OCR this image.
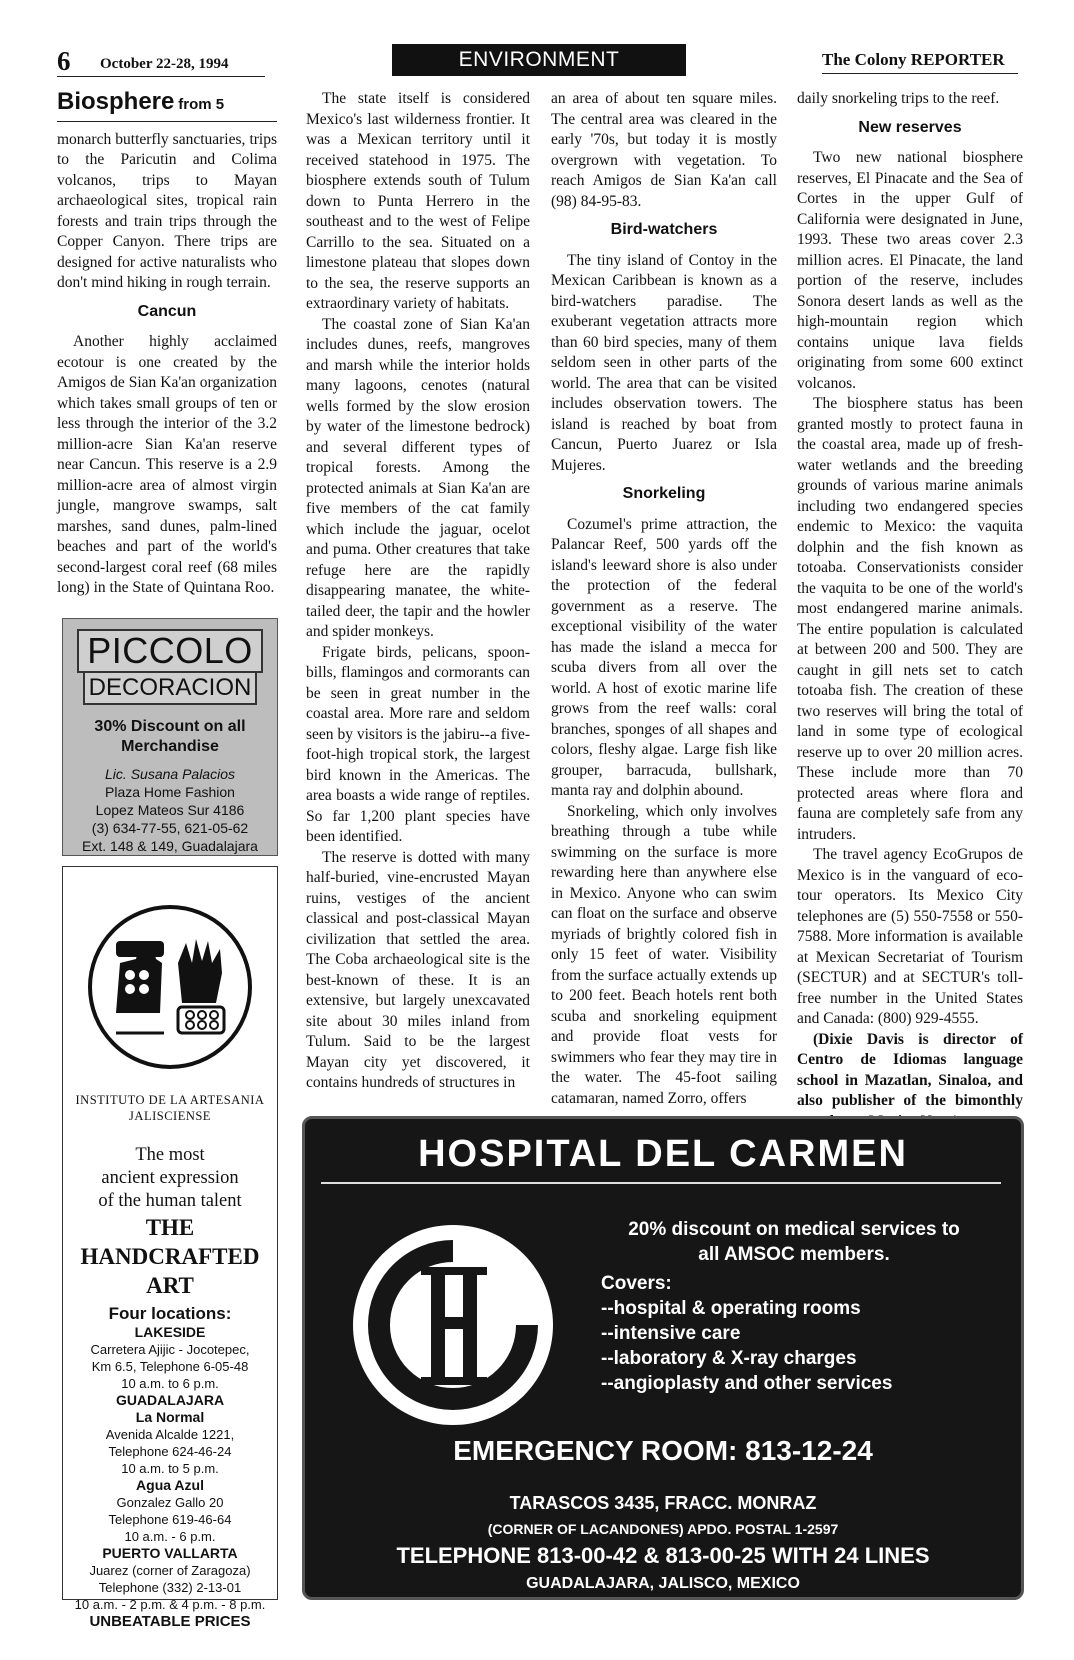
6 October 22-28, 1994	ENVIRONMENT	The Colony REPORTER
Biosphere from 5

monarch butterfly sanctuaries, trips to the Paricutin and Colima volcanos, trips to Mayan archaeological sites, tropical rain forests and train trips through the Copper Canyon. There trips are designed for active naturalists who don't mind hiking in rough terrain.

Cancun

Another highly acclaimed ecotour is one created by the Amigos de Sian Ka'an organization which takes small groups of ten or less through the interior of the 3.2 million-acre Sian Ka'an reserve near Cancun. This reserve is a 2.9 million-acre area of almost virgin jungle, mangrove swamps, salt marshes, sand dunes, palm-lined beaches and part of the world's second-largest coral reef (68 miles long) in the State of Quintana Roo.

PICCOLO
DECORACION
30% Discount on all Merchandise
Lic. Susana Palacios
Plaza Home Fashion
Lopez Mateos Sur 4186
(3) 634-77-55, 621-05-62
Ext. 148 & 149, Guadalajara
INSTITUTO DE LA ARTESANIA JALISCIENSE
The most
ancient expression
of the human talent
THE
HANDCRAFTED
ART
Four locations:
LAKESIDE
Carretera Ajijic - Jocotepec,
Km 6.5, Telephone 6-05-48
10 a.m. to 6 p.m.
GUADALAJARA
La Normal
Avenida Alcalde 1221,
Telephone 624-46-24
10 a.m. to 5 p.m.
Agua Azul
Gonzalez Gallo 20
Telephone 619-46-64
10 a.m. - 6 p.m.
PUERTO VALLARTA
Juarez (corner of Zaragoza)
Telephone (332) 2-13-01
10 a.m. - 2 p.m. & 4 p.m. - 8 p.m.
UNBEATABLE PRICES

The state itself is considered Mexico's last wilderness frontier. It was a Mexican territory until it received statehood in 1975. The biosphere extends south of Tulum down to Punta Herrero in the southeast and to the west of Felipe Carrillo to the sea. Situated on a limestone plateau that slopes down to the sea, the reserve supports an extraordinary variety of habitats.

The coastal zone of Sian Ka'an includes dunes, reefs, mangroves and marsh while the interior holds many lagoons, cenotes (natural wells formed by the slow erosion by water of the limestone bedrock) and several different types of tropical forests. Among the protected animals at Sian Ka'an are five members of the cat family which include the jaguar, ocelot and puma. Other creatures that take refuge here are the rapidly disappearing manatee, the white-tailed deer, the tapir and the howler and spider monkeys.

Frigate birds, pelicans, spoon-bills, flamingos and cormorants can be seen in great number in the coastal area. More rare and seldom seen by visitors is the jabiru--a five-foot-high tropical stork, the largest bird known in the Americas. The area boasts a wide range of reptiles. So far 1,200 plant species have been identified.

The reserve is dotted with many half-buried, vine-encrusted Mayan ruins, vestiges of the ancient classical and post-classical Mayan civilization that settled the area. The Coba archaeological site is the best-known of these. It is an extensive, but largely unexcavated site about 30 miles inland from Tulum. Said to be the largest Mayan city yet discovered, it contains hundreds of structures in

an area of about ten square miles. The central area was cleared in the early '70s, but today it is mostly overgrown with vegetation. To reach Amigos de Sian Ka'an call (98) 84-95-83.

Bird-watchers

The tiny island of Contoy in the Mexican Caribbean is known as a bird-watchers paradise. The exuberant vegetation attracts more than 60 bird species, many of them seldom seen in other parts of the world. The area that can be visited includes observation towers. The island is reached by boat from Cancun, Puerto Juarez or Isla Mujeres.

Snorkeling

Cozumel's prime attraction, the Palancar Reef, 500 yards off the island's leeward shore is also under the protection of the federal government as a reserve. The exceptional visibility of the water has made the island a mecca for scuba divers from all over the world. A host of exotic marine life grows from the reef walls: coral branches, sponges of all shapes and colors, fleshy algae. Large fish like grouper, barracuda, bullshark, manta ray and dolphin abound.

Snorkeling, which only involves breathing through a tube while swimming on the surface is more rewarding here than anywhere else in Mexico. Anyone who can swim can float on the surface and observe myriads of brightly colored fish in only 15 feet of water. Visibility from the surface actually extends up to 200 feet. Beach hotels rent both scuba and snorkeling equipment and provide float vests for swimmers who fear they may tire in the water. The 45-foot sailing catamaran, named Zorro, offers

daily snorkeling trips to the reef.

New reserves

Two new national biosphere reserves, El Pinacate and the Sea of Cortes in the upper Gulf of California were designated in June, 1993. These two areas cover 2.3 million acres. El Pinacate, the land portion of the reserve, includes Sonora desert lands as well as the high-mountain region which contains unique lava fields originating from some 600 extinct volcanos.

The biosphere status has been granted mostly to protect fauna in the coastal area, made up of fresh-water wetlands and the breeding grounds of various marine animals including two endangered species endemic to Mexico: the vaquita dolphin and the fish known as totoaba. Conservationists consider the vaquita to be one of the world's most endangered marine animals. The entire population is calculated at between 200 and 500. They are caught in gill nets set to catch totoaba fish. The creation of these two reserves will bring the total of land in some type of ecological reserve up to over 20 million acres. These include more than 70 protected areas where flora and fauna are completely safe from any intruders.

The travel agency EcoGrupos de Mexico is in the vanguard of eco-tour operators. Its Mexico City telephones are (5) 550-7558 or 550-7588. More information is available at Mexican Secretariat of Tourism (SECTUR) and at SECTUR's toll-free number in the United States and Canada: (800) 929-4555.

(Dixie Davis is director of Centro de Idiomas language school in Mazatlan, Sinaloa, and also publisher of the bimonthly

HOSPITAL DEL CARMEN
CH
20% discount on medical services to
all AMSOC members.
Covers:
--hospital & operating rooms
--intensive care
--laboratory & X-ray charges
--angioplasty and other services
EMERGENCY ROOM: 813-12-24
TARASCOS 3435, FRACC. MONRAZ
(CORNER OF LACANDONES) APDO. POSTAL 1-2597
TELEPHONE 813-00-42 & 813-00-25 WITH 24 LINES
GUADALAJARA, JALISCO, MEXICO
